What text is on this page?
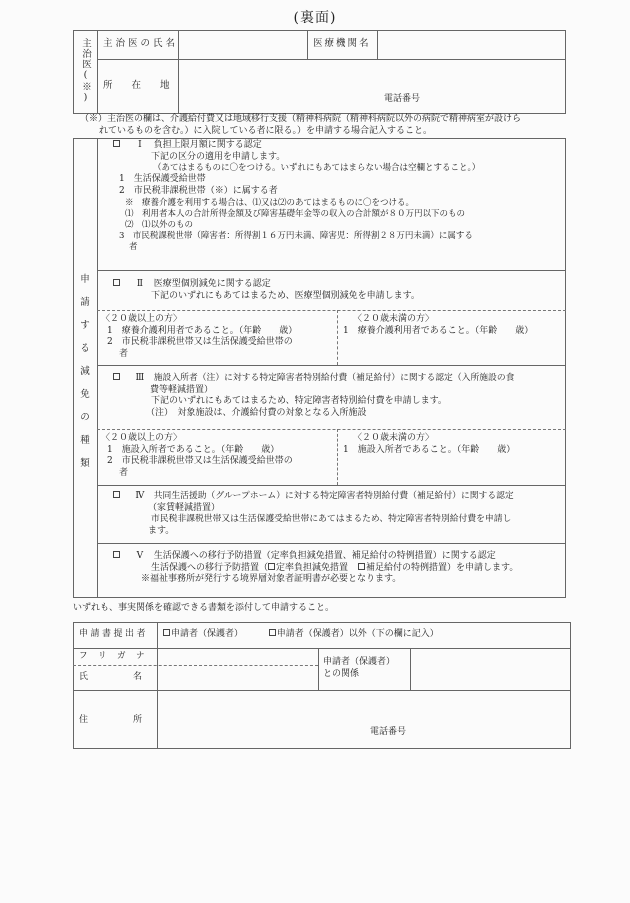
(裏面)
主治医(※)	主治医の氏名	医療機関名
所　　在　　地
電話番号
（※）主治医の欄は、介護給付費又は地域移行支援（精神科病院（精神科病院以外の病院で精神病室が設けら
れているものを含む。）に入院している者に限る。）を申請する場合記入すること。
申
請
す
る
減
免
の
種
類
Ⅰ 負担上限月額に関する認定
下記の区分の適用を申請します。
（あてはまるものに〇をつける。いずれにもあてはまらない場合は空欄とすること。）
1　生活保護受給世帯
2　市民税非課税世帯（※）に属する者
※　療養介護を利用する場合は、⑴又は⑵のあてはまるものに〇をつける。
⑴　利用者本人の合計所得金額及び障害基礎年金等の収入の合計額が８０万円以下のもの
⑵　⑴以外のもの
3　市民税課税世帯（障害者：所得割１６万円未満、障害児：所得割２８万円未満）に属する
者
Ⅱ 医療型個別減免に関する認定
下記のいずれにもあてはまるため、医療型個別減免を申請します。
〈２０歳以上の方〉
1　療養介護利用者であること。（年齢　　歳）
2　市民税非課税世帯又は生活保護受給世帯の
者
〈２０歳未満の方〉
1　療養介護利用者であること。（年齢　　歳）
Ⅲ 施設入所者（注）に対する特定障害者特別給付費（補足給付）に関する認定（入所施設の食
費等軽減措置）
下記のいずれにもあてはまるため、特定障害者特別給付費を申請します。
（注）　対象施設は、介護給付費の対象となる入所施設
〈２０歳以上の方〉
1　施設入所者であること。（年齢　　歳）
2　市民税非課税世帯又は生活保護受給世帯の
者
〈２０歳未満の方〉
1　施設入所者であること。（年齢　　歳）
Ⅳ 共同生活援助（グループホーム）に対する特定障害者特別給付費（補足給付）に関する認定
（家賃軽減措置）
市民税非課税世帯又は生活保護受給世帯にあてはまるため、特定障害者特別給付費を申請し
ます。
Ⅴ 生活保護への移行予防措置（定率負担減免措置、補足給付の特例措置）に関する認定
生活保護への移行予防措置（ 定率負担減免措置 補足給付の特例措置）を申請します。
※福祉事務所が発行する境界層対象者証明書が必要となります。
いずれも、事実関係を確認できる書類を添付して申請すること。
申請書提出者	申請者（保護者）	申請者（保護者）以外（下の欄に記入）
フ　リ　ガ　ナ
氏　　　　　名
申請者（保護者）
との関係
住　　　　　所
電話番号
